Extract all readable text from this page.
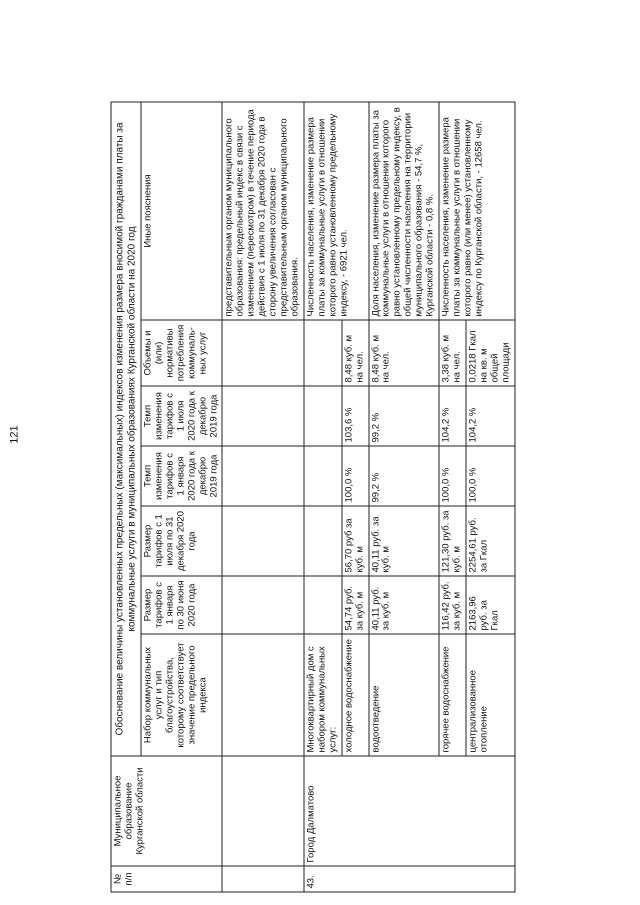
121
№ п/п	Муниципальное образование Курганской области	Обоснование величины установленных предельных (максимальных) индексов изменения размера вносимой гражданами платы за коммунальные услуги в муниципальных образованиях Курганской области на 2020 год						
		Набор коммунальных услуг и тип благоустройства, которому соответствует значение предельного индекса	Размер тарифов с 1 января по 30 июня 2020 года	Размер тарифов с 1 июля по 31 декабря 2020 года	Темп изменения тарифов с 1 января 2020 года к декабрю 2019 года	Темп изменения тарифов с 1 июля 2020 года к декабрю 2019 года	Объемы и (или) нормативы потребления коммуналь-ных услуг	Иные пояснения
								представительным органом муниципального образования: предельный индекс в связи с изменением (пересмотром) в течение периода действия с 1 июля по 31 декабря 2020 года в сторону увеличения согласован с представительным органом муниципального образования.
43.	Город Далматово	Многоквартирный дом с набором коммунальных услуг:						Численность населения, изменение размера платы за коммунальные услуги в отношении которого равно установленному предельному индексу, - 6921 чел.
		холодное водоснабжение	54,74 руб. за куб. м	56,70 руб за куб. м	100,0 %	103,6 %	8,48 куб. м на чел.	
		водоотведение	40,11 руб. за куб. м	40,11 руб. за куб. м	99,2 %	99,2 %	8,48 куб. м на чел.	Доля населения, изменение размера платы за коммунальные услуги в отношении которого равно установленному предельному индексу, в общей численности населения на территории муниципального образования - 54,7 %, Курганской области - 0,8 %.
		горячее водоснабжение	116,42 руб. за куб. м	121,30 руб. за куб. м	100,0 %	104,2 %	3,38 куб. м на чел.	Численность населения, изменение размера платы за коммунальные услуги в отношении которого равно (или менее) установленному индексу по Курганской области, - 12658 чел.
		централизованное отопление	2163,96 руб. за Гкал	2254,61 руб. за Гкал	100,0 %	104,2 %	0,0218 Гкал на кв. м общей площади	
